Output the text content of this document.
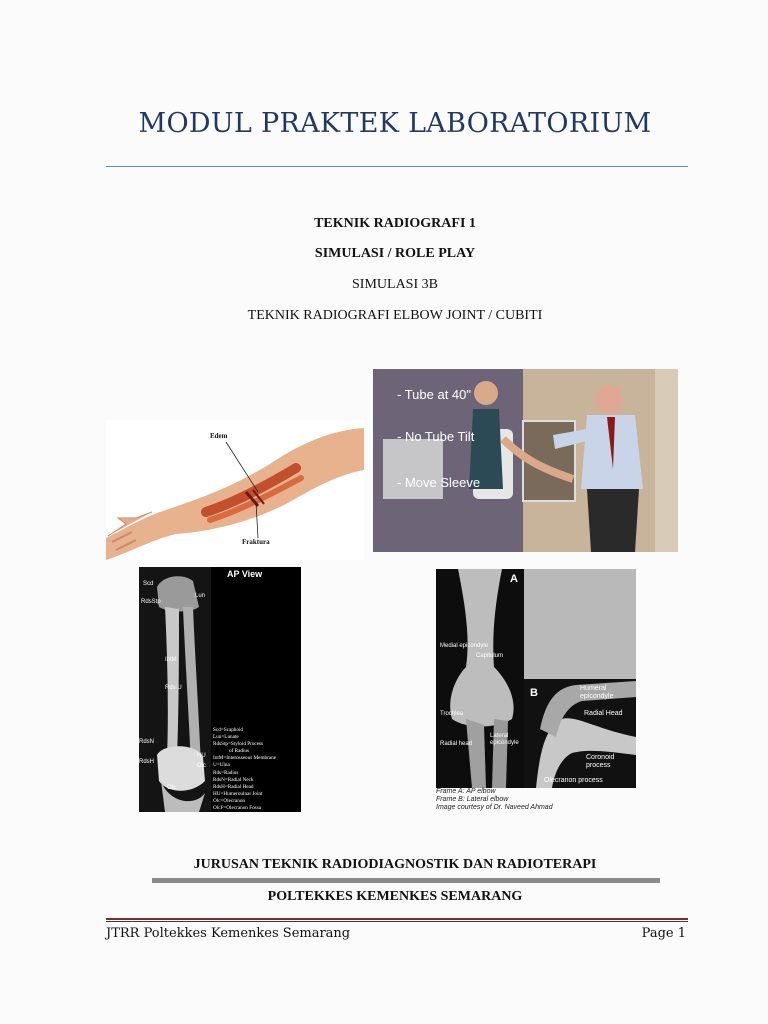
MODUL PRAKTEK LABORATORIUM
TEKNIK RADIOGRAFI 1
SIMULASI / ROLE PLAY
SIMULASI 3B
TEKNIK RADIOGRAFI ELBOW JOINT / CUBITI
Edem
Fraktura
- Tube at 40"
- No Tube Tilt
- Move Sleeve
AP View
Scd
RdsStp
Lun
IntM
Rds U
RdsN
RdsH
HU
Olc
Olc
Scd=Scaphoid
Lun=Lunate
RdsStp=Styloid Process
of Radius
IntM=Interosseous Membrane
U=Ulna
Rds=Radius
RdsN=Radial Neck
RdsH=Radial Head
HU=Humeroulnar Joint
Olc=Olecranon
OlcF=Olecranon Fossa
A
B
Medial epicondyle
Capitulum
Trochlea
Lateral epicondyle
Radial head
Humeral epicondyle
Radial Head
Coronoid process
Olecranon process
Frame A: AP elbow
Frame B: Lateral elbow
Image courtesy of Dr. Naveed Ahmad
JURUSAN TEKNIK RADIODIAGNOSTIK DAN RADIOTERAPI
POLTEKKES KEMENKES SEMARANG
JTRR Poltekkes Kemenkes Semarang	Page 1
